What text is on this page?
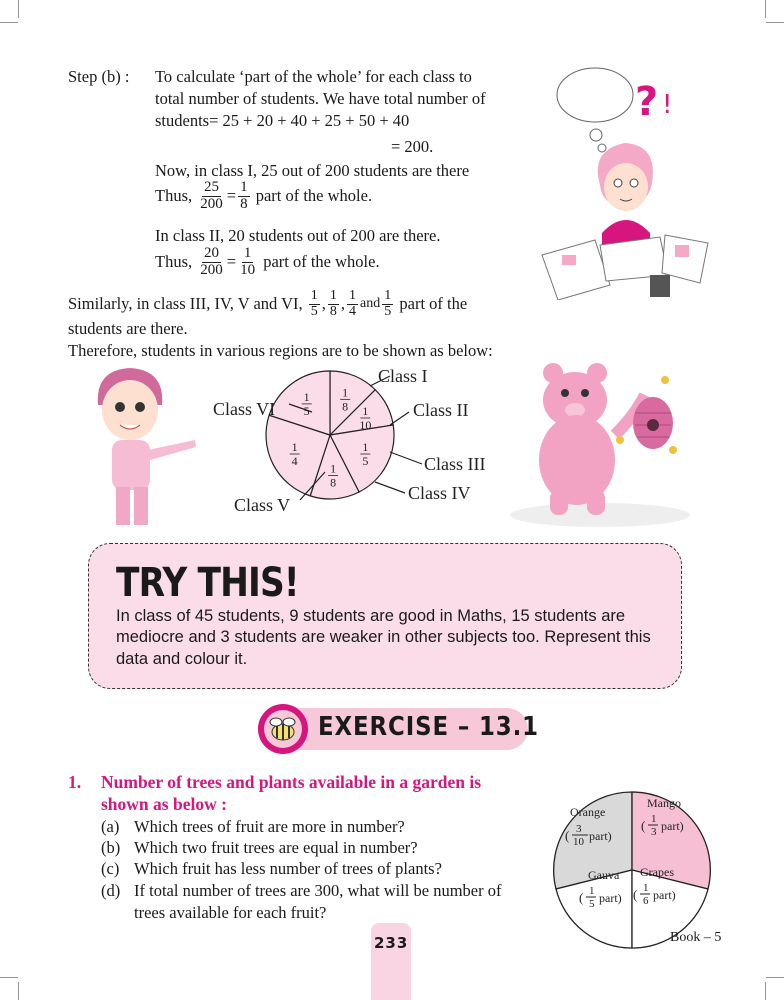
Step (b) : To calculate ‘part of the whole’ for each class to
total number of students. We have total number of
students= 25 + 20 + 40 + 25 + 50 + 40
= 200.
Now, in class I, 25 out of 200 students are there
Thus,
$\frac{25}{200} = \frac{1}{8}$
part of the whole.
In class II, 20 students out of 200 are there.
Thus,
$\frac{20}{200} = \frac{1}{10}$
part of the whole.
Similarly, in class III, IV, V and VI,
$\frac{1}{5}$ , $\frac{1}{8}$ , $\frac{1}{4}$ and $\frac{1}{5}$
part of the
students are there.
Therefore, students in various regions are to be shown as below:
? !
Class I
Class II
Class III
Class IV
Class V
Class VI
1
8 1
10
1
5
1
8
1
4
1
5
TRY THIS!
In class of 45 students, 9 students are good in Maths, 15 students are mediocre and 3 students are weaker in other subjects too. Represent this data and colour it.
EXERCISE – 13.1
1. Number of trees and plants available in a garden is
shown as below :
(a) Which trees of fruit are more in number?
(b) Which two fruit trees are equal in number?
(c) Which fruit has less number of trees of plants?
(d) If total number of trees are 300, what will be number of
trees available for each fruit?
Orange
( 3
10 part)
Mango
( 1
3 part)
Gauva
( 1
5 part)
Grapes
( 1
6 part)
233	Book – 5
